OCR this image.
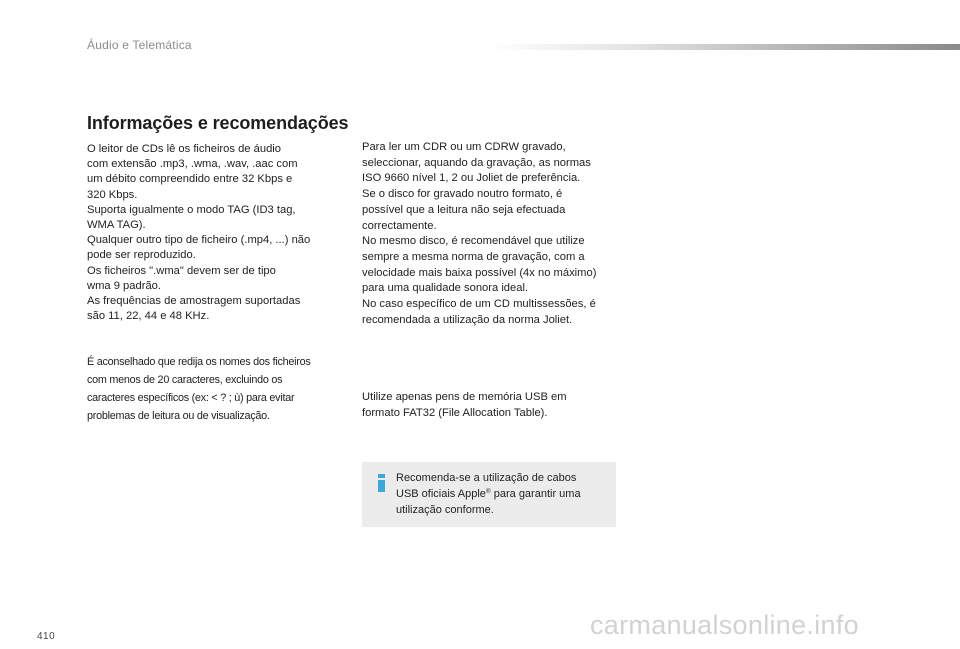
Áudio e Telemática
Informações e recomendações

O leitor de CDs lê os ficheiros de áudio
com extensão .mp3, .wma, .wav, .aac com
um débito compreendido entre 32 Kbps e
320 Kbps.
Suporta igualmente o modo TAG (ID3 tag,
WMA TAG).
Qualquer outro tipo de ficheiro (.mp4, ...) não
pode ser reproduzido.
Os ficheiros ".wma" devem ser de tipo
wma 9 padrão.
As frequências de amostragem suportadas
são 11, 22, 44 e 48 KHz.

É aconselhado que redija os nomes dos ficheiros
com menos de 20 caracteres, excluindo os
caracteres específicos (ex: < ? ; ù) para evitar
problemas de leitura ou de visualização.

Para ler um CDR ou um CDRW gravado,
seleccionar, aquando da gravação, as normas
ISO 9660 nível 1, 2 ou Joliet de preferência.
Se o disco for gravado noutro formato, é
possível que a leitura não seja efectuada
correctamente.
No mesmo disco, é recomendável que utilize
sempre a mesma norma de gravação, com a
velocidade mais baixa possível (4x no máximo)
para uma qualidade sonora ideal.
No caso específico de um CD multissessões, é
recomendada a utilização da norma Joliet.

Utilize apenas pens de memória USB em
formato FAT32 (File Allocation Table).

Recomenda-se a utilização de cabos
USB oficiais Apple® para garantir uma
utilização conforme.

410	carmanualsonline.info
